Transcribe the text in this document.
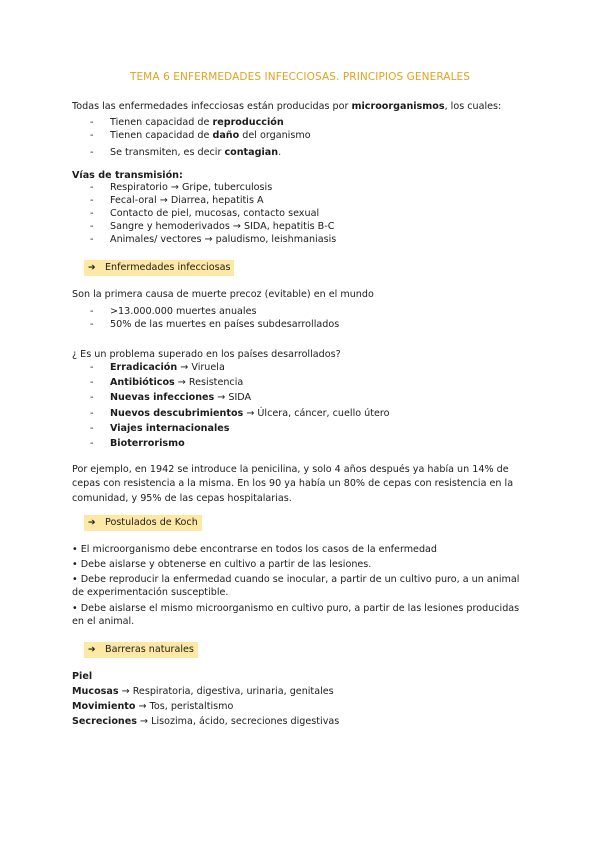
TEMA 6 ENFERMEDADES INFECCIOSAS. PRINCIPIOS GENERALES
Todas las enfermedades infecciosas están producidas por microorganismos, los cuales:
- Tienen capacidad de reproducción
- Tienen capacidad de daño del organismo
- Se transmiten, es decir contagian.
Vías de transmisión:
- Respiratorio → Gripe, tuberculosis
- Fecal-oral → Diarrea, hepatitis A
- Contacto de piel, mucosas, contacto sexual
- Sangre y hemoderivados → SIDA, hepatitis B-C
- Animales/ vectores → paludismo, leishmaniasis
➔ Enfermedades infecciosas
Son la primera causa de muerte precoz (evitable) en el mundo
- >13.000.000 muertes anuales
- 50% de las muertes en países subdesarrollados
¿ Es un problema superado en los países desarrollados?
- Erradicación → Viruela
- Antibióticos → Resistencia
- Nuevas infecciones → SIDA
- Nuevos descubrimientos → Úlcera, cáncer, cuello útero
- Viajes internacionales
- Bioterrorismo
Por ejemplo, en 1942 se introduce la penicilina, y solo 4 años después ya había un 14% de cepas con resistencia a la misma. En los 90 ya había un 80% de cepas con resistencia en la comunidad, y 95% de las cepas hospitalarias.
➔ Postulados de Koch
• El microorganismo debe encontrarse en todos los casos de la enfermedad
• Debe aislarse y obtenerse en cultivo a partir de las lesiones.
• Debe reproducir la enfermedad cuando se inocular, a partir de un cultivo puro, a un animal de experimentación susceptible.
• Debe aislarse el mismo microorganismo en cultivo puro, a partir de las lesiones producidas en el animal.
➔ Barreras naturales
Piel
Mucosas → Respiratoria, digestiva, urinaria, genitales
Movimiento → Tos, peristaltismo
Secreciones → Lisozima, ácido, secreciones digestivas
